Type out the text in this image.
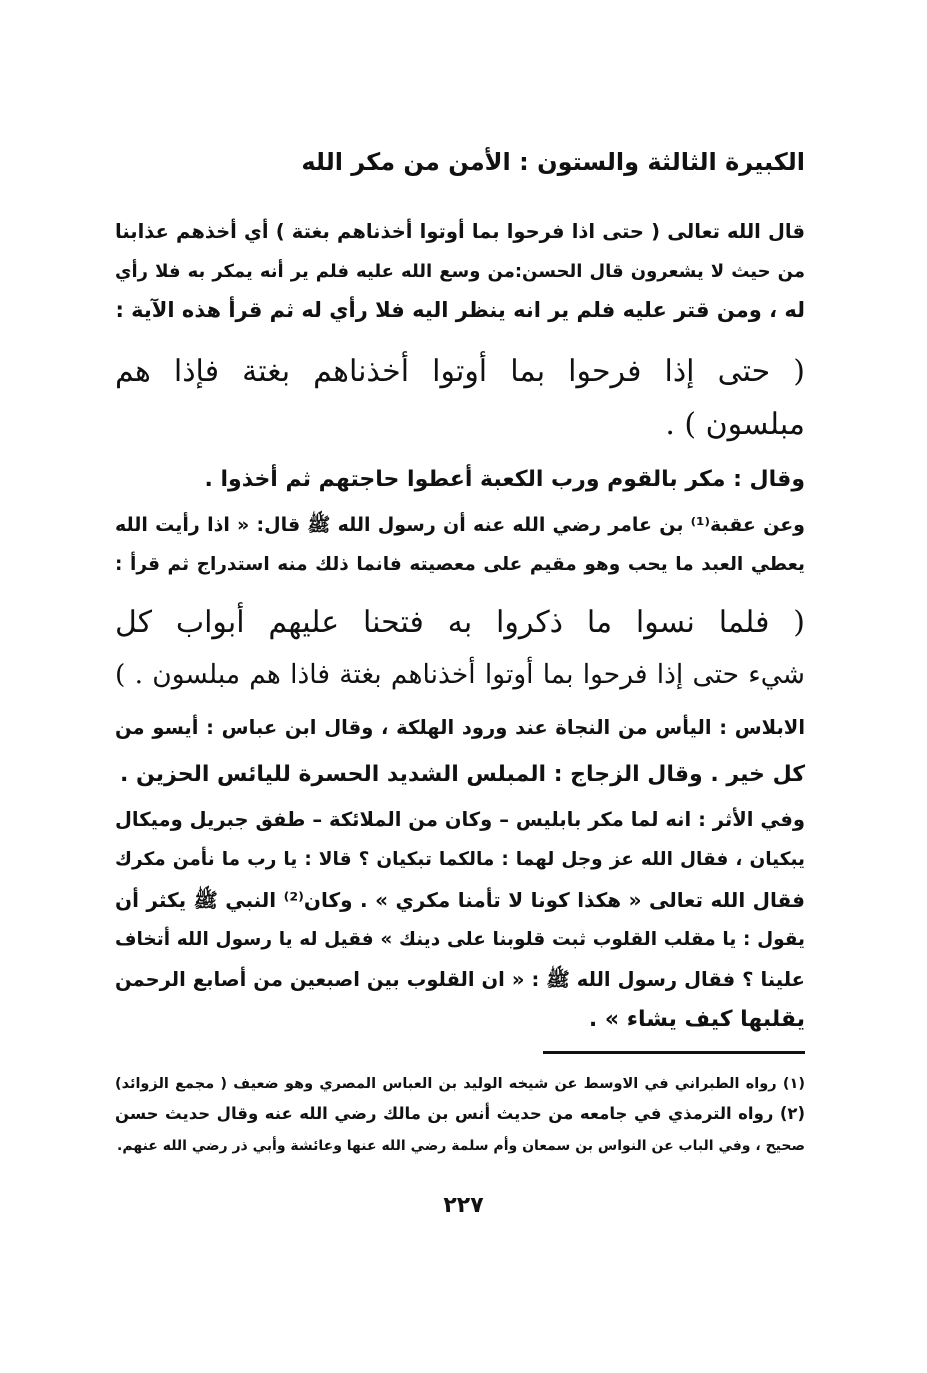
الكبيرة الثالثة والستون : الأمن من مكر الله
قال الله تعالى ( حتى اذا فرحوا بما أوتوا أخذناهم بغتة ) أي أخذهم عذابنا
من حيث لا يشعرون قال الحسن:من وسع الله عليه فلم ير أنه يمكر به فلا رأي
له ، ومن قتر عليه فلم ير انه ينظر اليه فلا رأي له ثم قرأ هذه الآية :
( حتى إذا فرحوا بما أوتوا أخذناهم بغتة فإذا هم
مبلسون ) .
وقال : مكر بالقوم ورب الكعبة أعطوا حاجتهم ثم أخذوا .
وعن عقبة⁽¹⁾ بن عامر رضي الله عنه أن رسول الله ﷺ قال: « اذا رأيت الله
يعطي العبد ما يحب وهو مقيم على معصيته فانما ذلك منه استدراج ثم قرأ :
( فلما نسوا ما ذكروا به فتحنا عليهم أبواب كل
شيء حتى إذا فرحوا بما أوتوا أخذناهم بغتة فاذا هم مبلسون . )
الابلاس : اليأس من النجاة عند ورود الهلكة ، وقال ابن عباس : أيسو من
كل خير . وقال الزجاج : المبلس الشديد الحسرة لليائس الحزين .
وفي الأثر : انه لما مكر بابليس – وكان من الملائكة – طفق جبريل وميكال
يبكيان ، فقال الله عز وجل لهما : مالكما تبكيان ؟ قالا : يا رب ما نأمن مكرك
فقال الله تعالى « هكذا كونا لا تأمنا مكري » . وكان⁽²⁾ النبي ﷺ يكثر أن
يقول : يا مقلب القلوب ثبت قلوبنا على دينك » فقيل له يا رسول الله أتخاف
علينا ؟ فقال رسول الله ﷺ : « ان القلوب بين اصبعين من أصابع الرحمن
يقلبها كيف يشاء » .
(١) رواه الطبراني في الاوسط عن شيخه الوليد بن العباس المصري وهو ضعيف ( مجمع الزوائد)
(٢) رواه الترمذي في جامعه من حديث أنس بن مالك رضي الله عنه وقال حديث حسن
صحيح ، وفي الباب عن النواس بن سمعان وأم سلمة رضي الله عنها وعائشة وأبي ذر رضي الله عنهم.
٢٢٧
